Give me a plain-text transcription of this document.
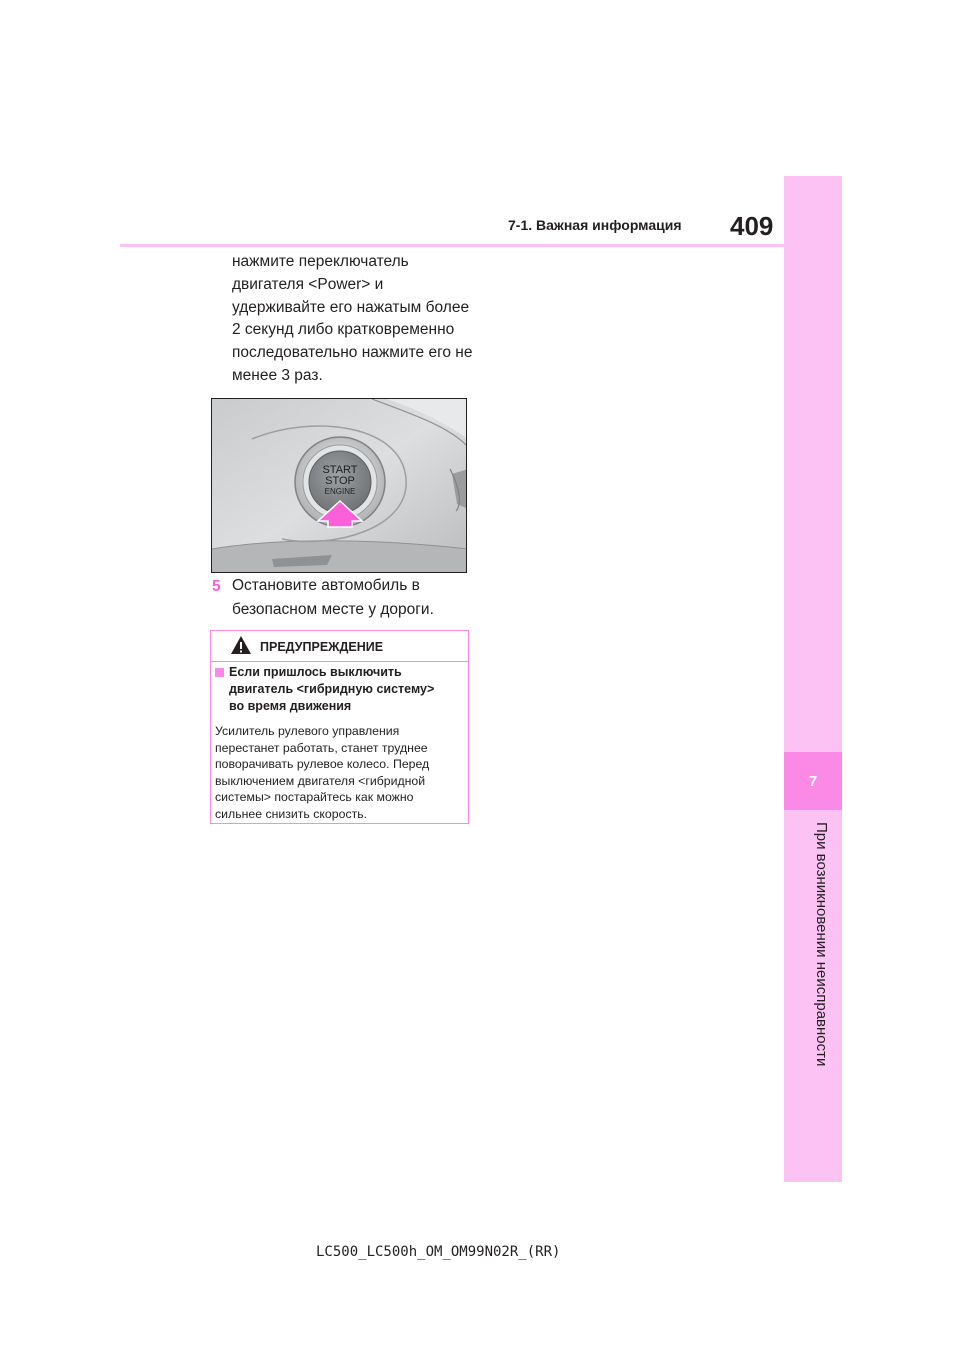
7
При возникновении неисправности
7-1. Важная информация 409
нажмите переключатель
двигателя <Power> и
удерживайте его нажатым более
2 секунд либо кратковременно
последовательно нажмите его не
менее 3 раз.
START
STOP
ENGINE
5 Остановите автомобиль в
безопасном месте у дороги.
ПРЕДУПРЕЖДЕНИЕ
Если пришлось выключить
двигатель <гибридную систему>
во время движения
Усилитель рулевого управления
перестанет работать, станет труднее
поворачивать рулевое колесо. Перед
выключением двигателя <гибридной
системы> постарайтесь как можно
сильнее снизить скорость.
LC500_LC500h_OM_OM99N02R_(RR)
